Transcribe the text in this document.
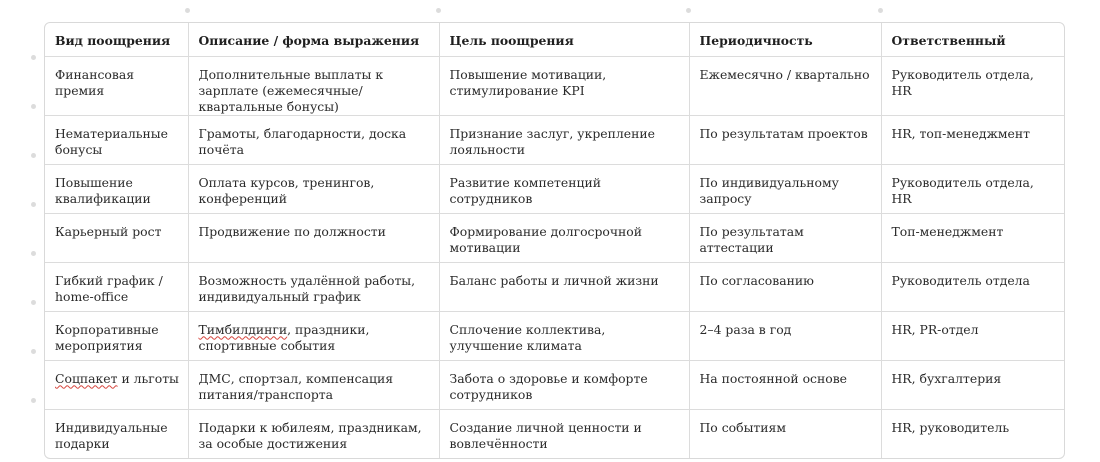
Вид поощрения	Описание / форма выражения	Цель поощрения	Периодичность	Ответственный
Финансовая премия	Дополнительные выплаты к зарплате (ежемесячные/квартальные бонусы)	Повышение мотивации, стимулирование KPI	Ежемесячно / квартально	Руководитель отдела, HR
Нематериальные бонусы	Грамоты, благодарности, доска почёта	Признание заслуг, укрепление лояльности	По результатам проектов	HR, топ-менеджмент
Повышение квалификации	Оплата курсов, тренингов, конференций	Развитие компетенций сотрудников	По индивидуальному запросу	Руководитель отдела, HR
Карьерный рост	Продвижение по должности	Формирование долгосрочной мотивации	По результатам аттестации	Топ-менеджмент
Гибкий график / home-office	Возможность удалённой работы, индивидуальный график	Баланс работы и личной жизни	По согласованию	Руководитель отдела
Корпоративные мероприятия	Тимбилдинги, праздники, спортивные события	Сплочение коллектива, улучшение климата	2–4 раза в год	HR, PR-отдел
Соцпакет и льготы	ДМС, спортзал, компенсация питания/транспорта	Забота о здоровье и комфорте сотрудников	На постоянной основе	HR, бухгалтерия
Индивидуальные подарки	Подарки к юбилеям, праздникам, за особые достижения	Создание личной ценности и вовлечённости	По событиям	HR, руководитель
